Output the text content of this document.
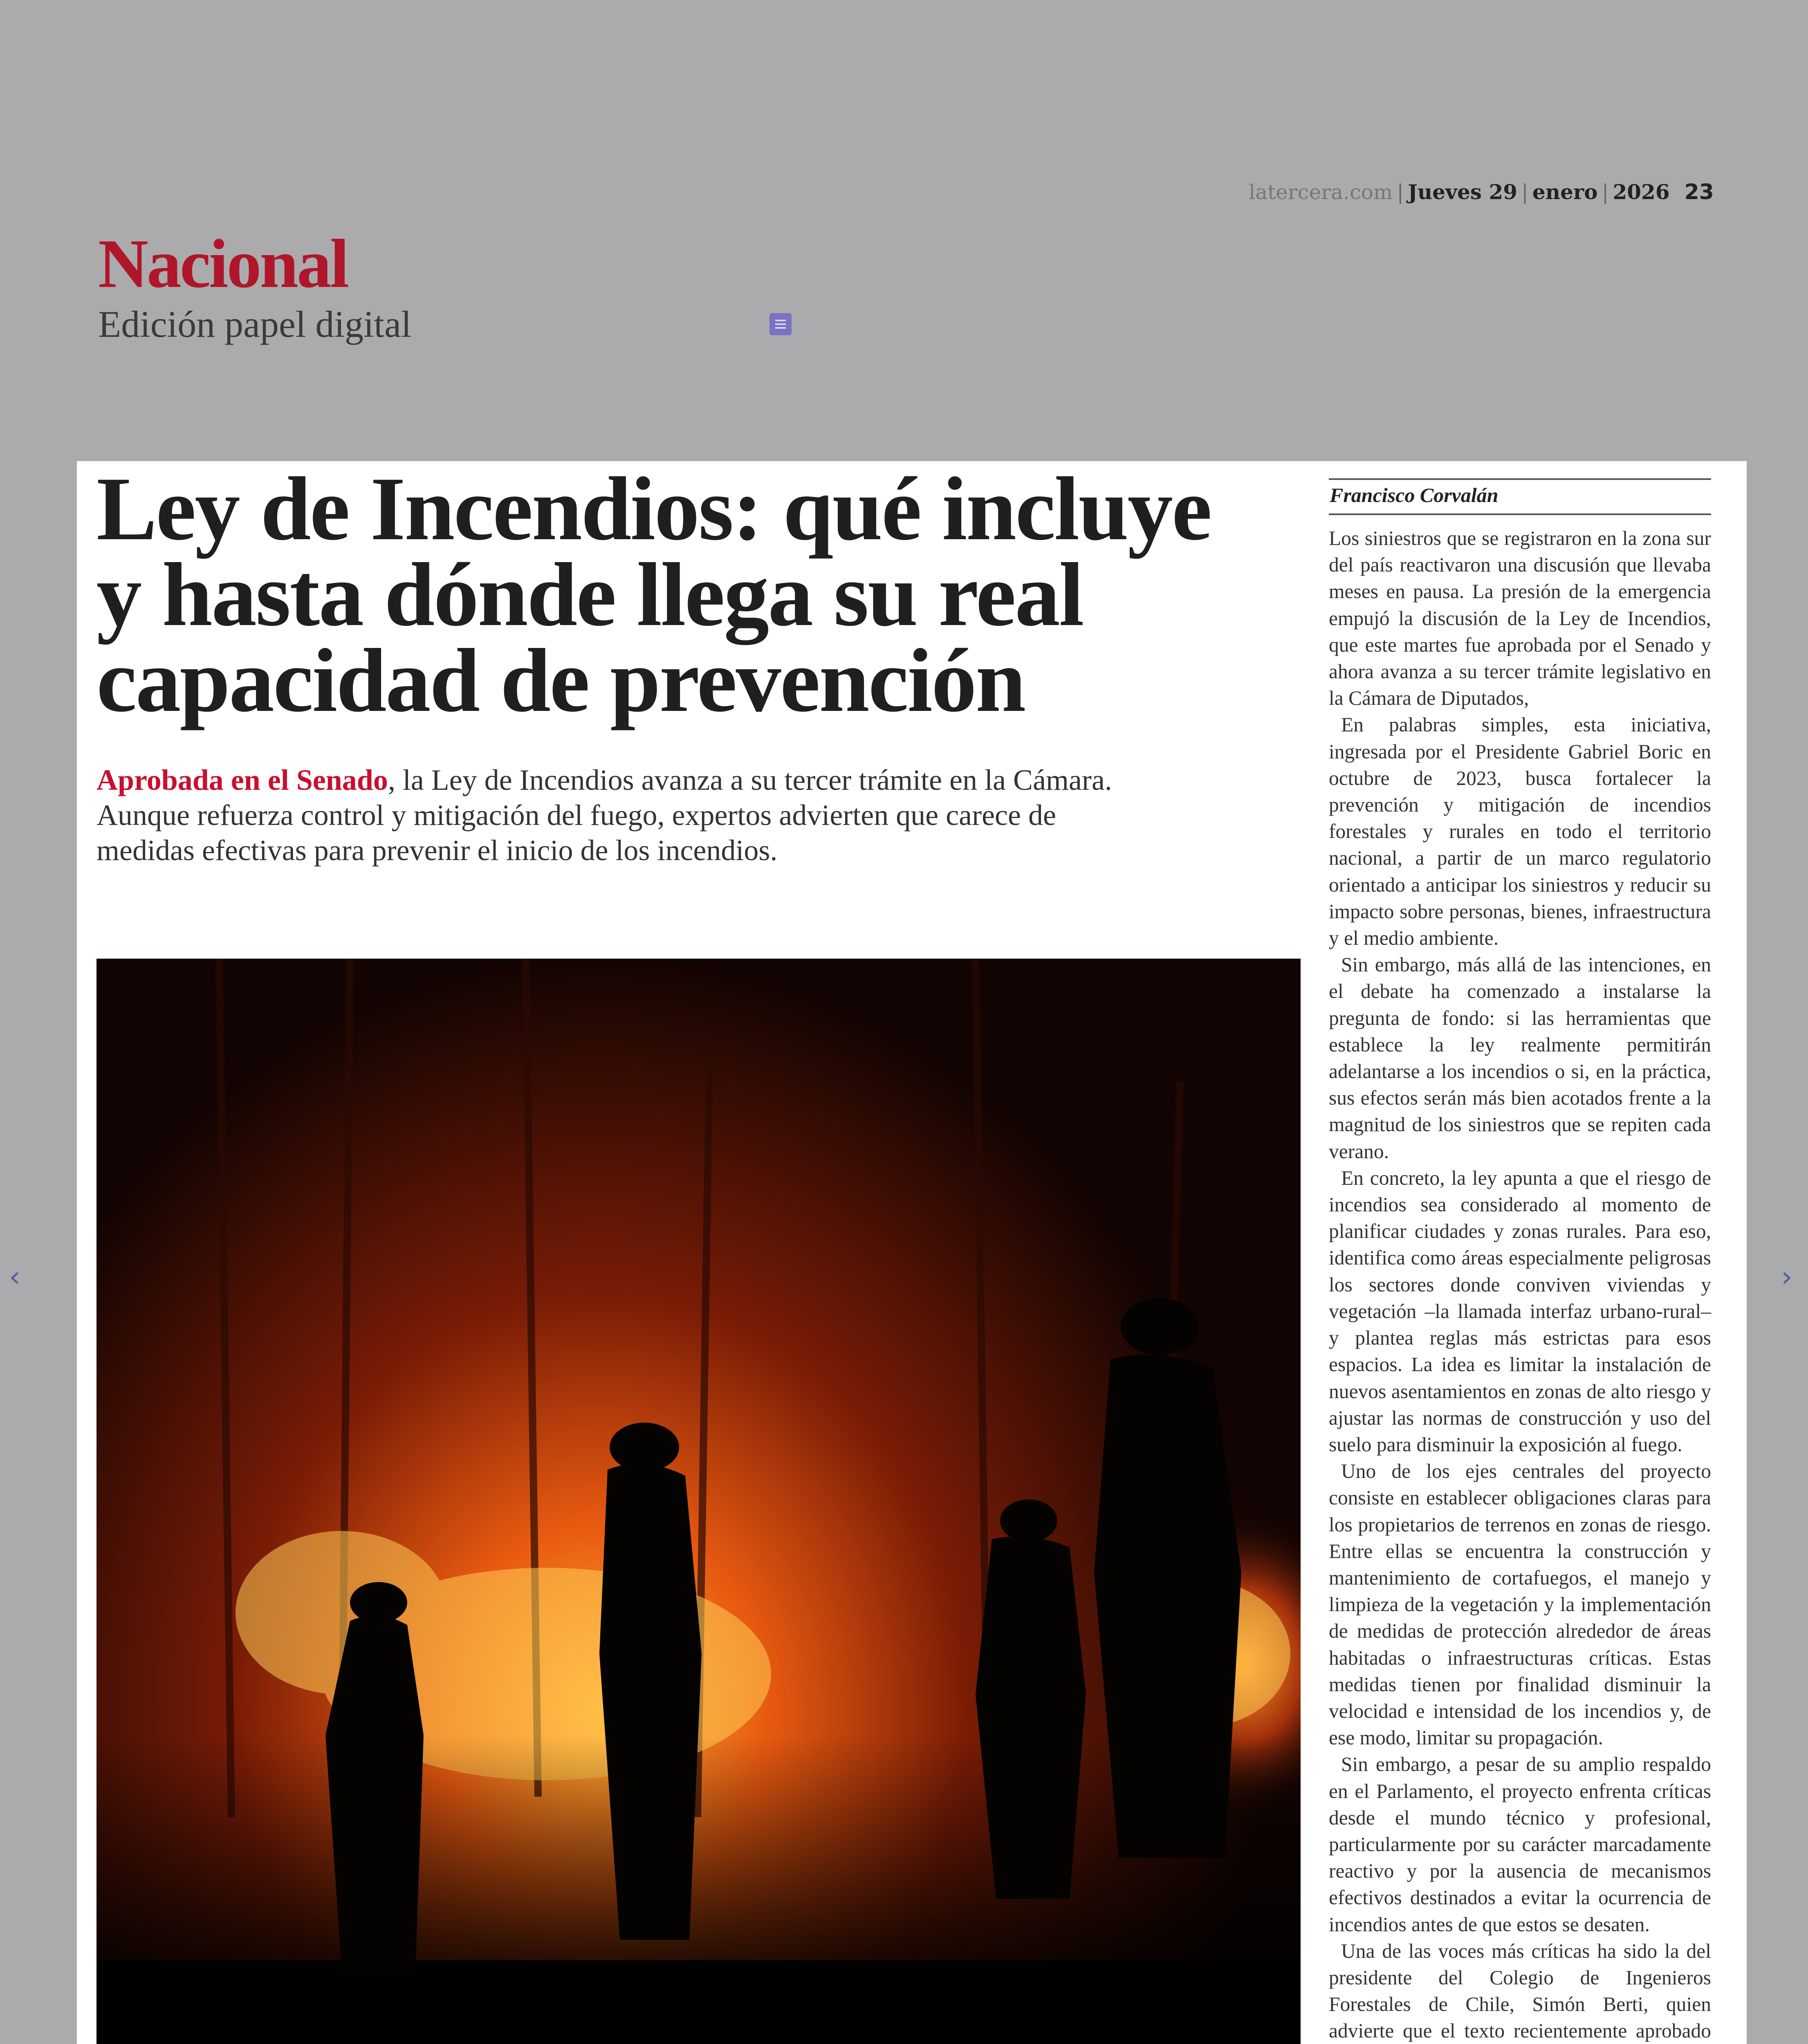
latercera.com | Jueves 29 | enero | 2026 23
Nacional
Edición papel digital
Ley de Incendios: qué incluye
y hasta dónde llega su real
capacidad de prevención
Aprobada en el Senado, la Ley de Incendios avanza a su tercer trámite en la Cámara. Aunque refuerza control y mitigación del fuego, expertos advierten que carece de medidas efectivas para prevenir el inicio de los incendios.
Francisco Corvalán

Los siniestros que se registraron en la zona sur del país reactivaron una discusión que llevaba meses en pausa. La presión de la emergencia empujó la discusión de la Ley de Incendios, que este martes fue aprobada por el Senado y ahora avanza a su tercer trámite legislativo en la Cámara de Diputados,

En palabras simples, esta iniciativa, ingresada por el Presidente Gabriel Boric en octubre de 2023, busca fortalecer la prevención y mitigación de incendios forestales y rurales en todo el territorio nacional, a partir de un marco regulatorio orientado a anticipar los siniestros y reducir su impacto sobre personas, bienes, infraestructura y el medio ambiente.

Sin embargo, más allá de las intenciones, en el debate ha comenzado a instalarse la pregunta de fondo: si las herramientas que establece la ley realmente permitirán adelantarse a los incendios o si, en la práctica, sus efectos serán más bien acotados frente a la magnitud de los siniestros que se repiten cada verano.

En concreto, la ley apunta a que el riesgo de incendios sea considerado al momento de planificar ciudades y zonas rurales. Para eso, identifica como áreas especialmente peligrosas los sectores donde conviven viviendas y vegetación –la llamada interfaz urbano-rural– y plantea reglas más estrictas para esos espacios. La idea es limitar la instalación de nuevos asentamientos en zonas de alto riesgo y ajustar las normas de construcción y uso del suelo para disminuir la exposición al fuego.

Uno de los ejes centrales del proyecto consiste en establecer obligaciones claras para los propietarios de terrenos en zonas de riesgo. Entre ellas se encuentra la construcción y mantenimiento de cortafuegos, el manejo y limpieza de la vegetación y la implementación de medidas de protección alrededor de áreas habitadas o infraestructuras críticas. Estas medidas tienen por finalidad disminuir la velocidad e intensidad de los incendios y, de ese modo, limitar su propagación.

Sin embargo, a pesar de su amplio respaldo en el Parlamento, el proyecto enfrenta críticas desde el mundo técnico y profesional, particularmente por su carácter marcadamente reactivo y por la ausencia de mecanismos efectivos destinados a evitar la ocurrencia de incendios antes de que estos se desaten.

Una de las voces más críticas ha sido la del presidente del Colegio de Ingenieros Forestales de Chile, Simón Berti, quien advierte que el texto recientemente aprobado

‹	›
